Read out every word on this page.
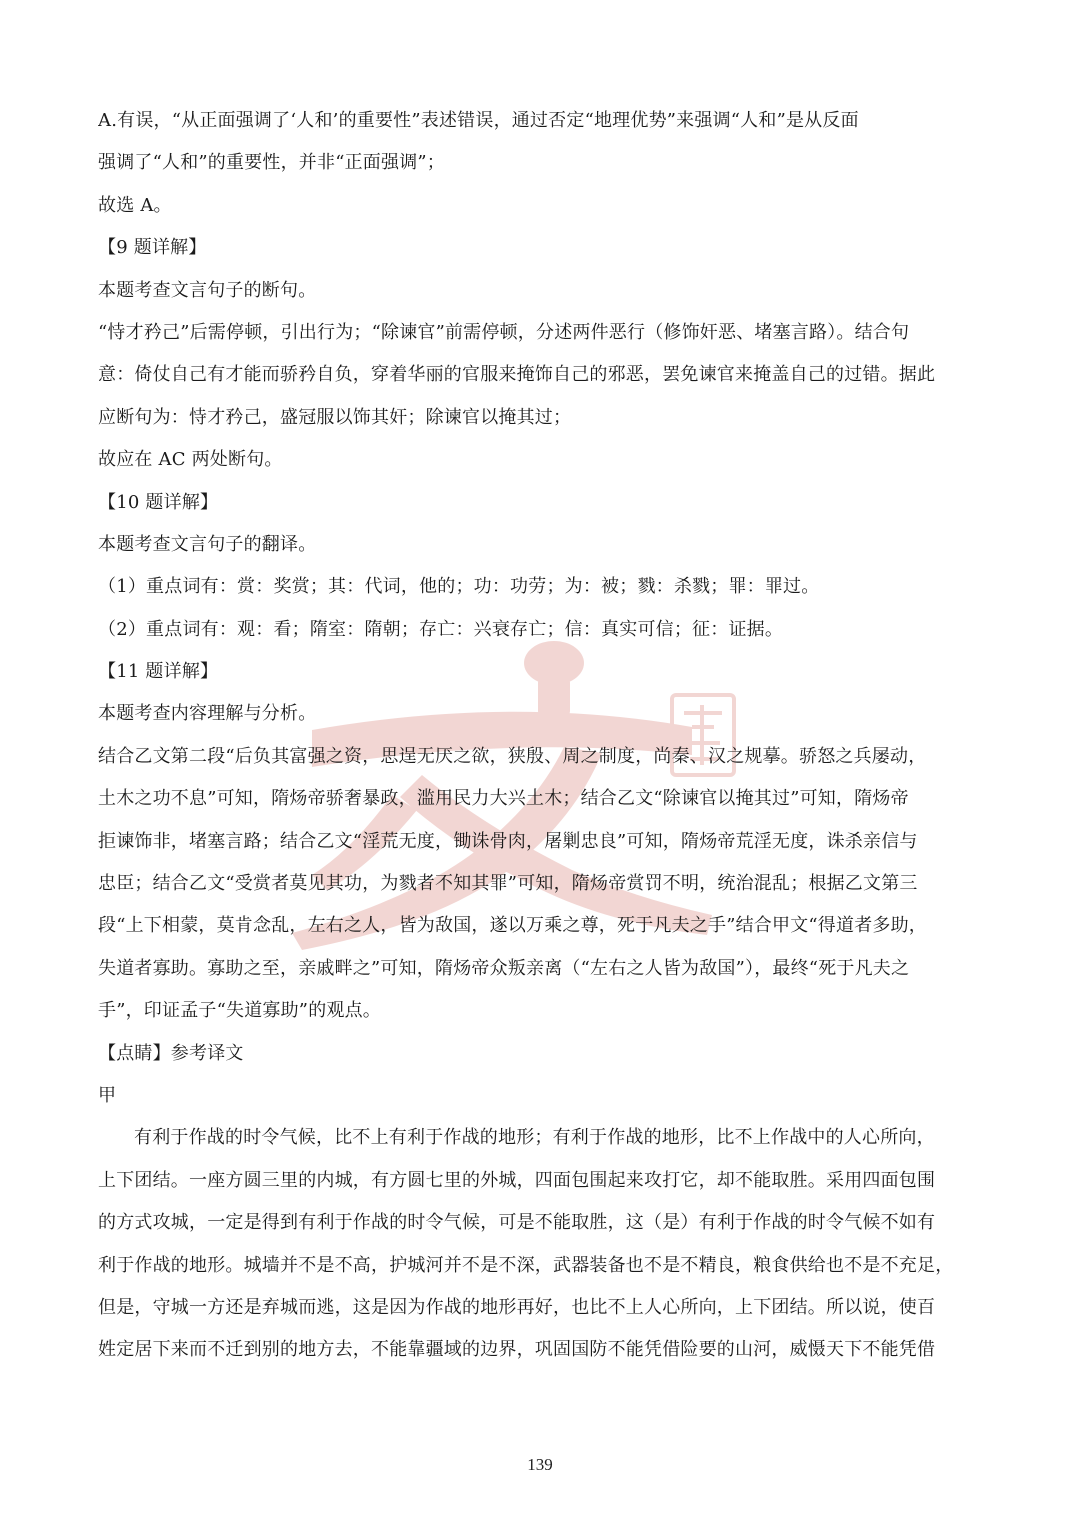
A.有误，“从正面强调了‘人和’的重要性”表述错误，通过否定“地理优势”来强调“人和”是从反面
强调了“人和”的重要性，并非“正面强调”；
故选 A。
【9 题详解】
本题考查文言句子的断句。
“恃才矜己”后需停顿，引出行为；“除谏官”前需停顿，分述两件恶行（修饰奸恶、堵塞言路）。结合句
意：倚仗自己有才能而骄矜自负，穿着华丽的官服来掩饰自己的邪恶，罢免谏官来掩盖自己的过错。据此
应断句为：恃才矜己，盛冠服以饰其奸；除谏官以掩其过；
故应在 AC 两处断句。
【10 题详解】
本题考查文言句子的翻译。
（1）重点词有：赏：奖赏；其：代词，他的；功：功劳；为：被；戮：杀戮；罪：罪过。
（2）重点词有：观：看；隋室：隋朝；存亡：兴衰存亡；信：真实可信；征：证据。
【11 题详解】
本题考查内容理解与分析。
结合乙文第二段“后负其富强之资，思逞无厌之欲，狭殷、周之制度，尚秦、汉之规摹。骄怒之兵屡动，
土木之功不息”可知，隋炀帝骄奢暴政，滥用民力大兴土木；结合乙文“除谏官以掩其过”可知，隋炀帝
拒谏饰非，堵塞言路；结合乙文“淫荒无度，锄诛骨肉，屠剿忠良”可知，隋炀帝荒淫无度，诛杀亲信与
忠臣；结合乙文“受赏者莫见其功，为戮者不知其罪”可知，隋炀帝赏罚不明，统治混乱；根据乙文第三
段“上下相蒙，莫肯念乱，左右之人，皆为敌国，遂以万乘之尊，死于凡夫之手”结合甲文“得道者多助，
失道者寡助。寡助之至，亲戚畔之”可知，隋炀帝众叛亲离（“左右之人皆为敌国”），最终“死于凡夫之
手”，印证孟子“失道寡助”的观点。
【点睛】参考译文
甲
有利于作战的时令气候，比不上有利于作战的地形；有利于作战的地形，比不上作战中的人心所向，
上下团结。一座方圆三里的内城，有方圆七里的外城，四面包围起来攻打它，却不能取胜。采用四面包围
的方式攻城，一定是得到有利于作战的时令气候，可是不能取胜，这（是）有利于作战的时令气候不如有
利于作战的地形。城墙并不是不高，护城河并不是不深，武器装备也不是不精良，粮食供给也不是不充足，
但是，守城一方还是弃城而逃，这是因为作战的地形再好，也比不上人心所向，上下团结。所以说，使百
姓定居下来而不迁到别的地方去，不能靠疆域的边界，巩固国防不能凭借险要的山河，威慑天下不能凭借
139
